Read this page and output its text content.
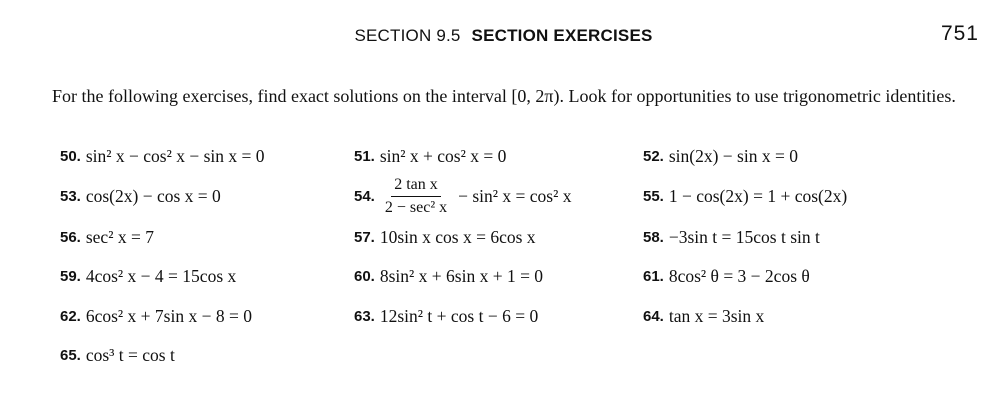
SECTION 9.5 SECTION EXERCISES	751
For the following exercises, find exact solutions on the interval [0, 2π). Look for opportunities to use trigonometric identities.
50. sin² x − cos² x − sin x = 0	51. sin² x + cos² x = 0	52. sin(2x) − sin x = 0
53. cos(2x) − cos x = 0	54. $\frac{\text{2 tan x}}{\text{2 − sec² x}} - \sin^2$ x = cos² x	55. 1 − cos(2x) = 1 + cos(2x)
56. sec² x = 7	57. 10sin x cos x = 6cos x	58. −3sin t = 15cos t sin t
59. 4cos² x − 4 = 15cos x	60. 8sin² x + 6sin x + 1 = 0	61. 8cos² θ = 3 − 2cos θ
62. 6cos² x + 7sin x − 8 = 0	63. 12sin² t + cos t − 6 = 0	64. tan x = 3sin x
65. cos³ t = cos t
